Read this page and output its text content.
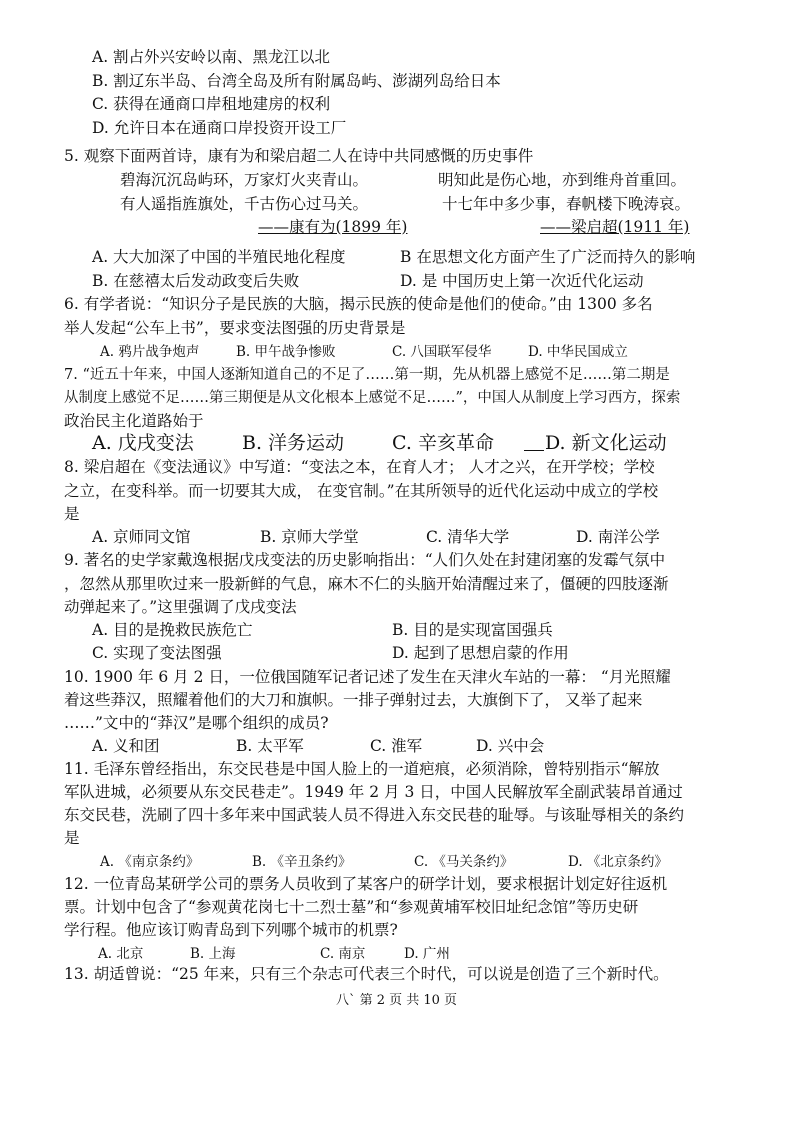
A. 割占外兴安岭以南、黑龙江以北
B. 割辽东半岛、台湾全岛及所有附属岛屿、澎湖列岛给日本
C. 获得在通商口岸租地建房的权利
D. 允许日本在通商口岸投资开设工厂
5. 观察下面两首诗，康有为和梁启超二人在诗中共同感慨的历史事件
碧海沉沉岛屿环，万家灯火夹青山。	明知此是伤心地，亦到维舟首重回。
有人遥指旌旗处，千古伤心过马关。	十七年中多少事，春帆楼下晚涛哀。
——康有为(1899 年)	——梁启超(1911 年)
A. 大大加深了中国的半殖民地化程度	B 在思想文化方面产生了广泛而持久的影响
B. 在慈禧太后发动政变后失败	D. 是 中国历史上第一次近代化运动
6. 有学者说：“知识分子是民族的大脑，揭示民族的使命是他们的使命。”由 1300 多名
举人发起“公车上书”，要求变法图强的历史背景是
A. 鸦片战争炮声	B. 甲午战争惨败	C. 八国联军侵华	D. 中华民国成立
7. “近五十年来，中国人逐渐知道自己的不足了……第一期，先从机器上感觉不足……第二期是
从制度上感觉不足……第三期便是从文化根本上感觉不足……”，中国人从制度上学习西方，探索
政治民主化道路始于
A. 戊戌变法	B. 洋务运动	C. 辛亥革命	D. 新文化运动
8. 梁启超在《变法通议》中写道：“变法之本，在育人才； 人才之兴，在开学校；学校
之立，在变科举。而一切要其大成， 在变官制。”在其所领导的近代化运动中成立的学校
是
A. 京师同文馆	B. 京师大学堂	C. 清华大学	D. 南洋公学
9. 著名的史学家戴逸根据戊戌变法的历史影响指出：“人们久处在封建闭塞的发霉气氛中
，忽然从那里吹过来一股新鲜的气息，麻木不仁的头脑开始清醒过来了，僵硬的四肢逐渐
动弹起来了。”这里强调了戊戌变法
A. 目的是挽救民族危亡	B. 目的是实现富国强兵
C. 实现了变法图强	D. 起到了思想启蒙的作用
10. 1900 年 6 月 2 日，一位俄国随军记者记述了发生在天津火车站的一幕： “月光照耀
着这些莽汉，照耀着他们的大刀和旗帜。一排子弹射过去，大旗倒下了， 又举了起来
……”文中的“莽汉”是哪个组织的成员?
A. 义和团	B. 太平军	C. 淮军	D. 兴中会
11. 毛泽东曾经指出，东交民巷是中国人脸上的一道疤痕，必须消除，曾特别指示“解放
军队进城，必须要从东交民巷走”。1949 年 2 月 3 日，中国人民解放军全副武装昂首通过
东交民巷，洗刷了四十多年来中国武装人员不得进入东交民巷的耻辱。与该耻辱相关的条约
是
A. 《南京条约》	B. 《辛丑条约》	C. 《马关条约》	D. 《北京条约》
12. 一位青岛某研学公司的票务人员收到了某客户的研学计划，要求根据计划定好往返机
票。计划中包含了“参观黄花岗七十二烈士墓”和“参观黄埔军校旧址纪念馆”等历史研
学行程。他应该订购青岛到下列哪个城市的机票?
A. 北京	B. 上海	C. 南京	D. 广州
13. 胡适曾说：“25 年来，只有三个杂志可代表三个时代，可以说是创造了三个新时代。
八` 第 2 页 共 10 页
